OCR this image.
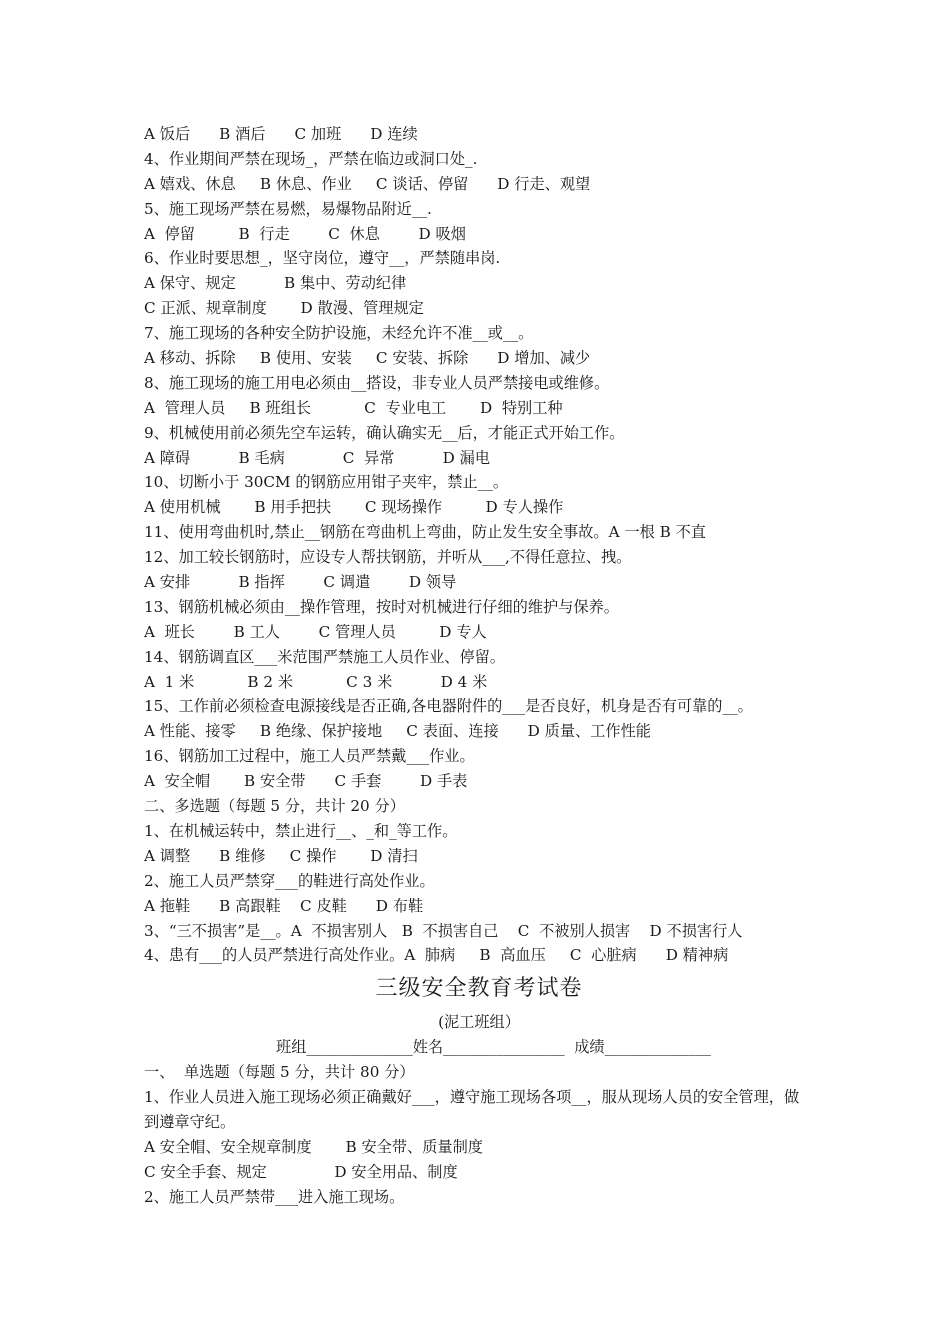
A 饭后      B 酒后      C 加班      D 连续
4、作业期间严禁在现场_，严禁在临边或洞口处_.
A 嬉戏、休息     B 休息、作业     C 谈话、停留      D 行走、观望
5、施工现场严禁在易燃，易爆物品附近__.
A  停留         B  行走        C  休息        D 吸烟
6、作业时要思想_，坚守岗位，遵守__，严禁随串岗.
A 保守、规定          B 集中、劳动纪律
C 正派、规章制度       D 散漫、管理规定
7、施工现场的各种安全防护设施，未经允许不准__或__。
A 移动、拆除     B 使用、安装     C 安装、拆除      D 增加、减少
8、施工现场的施工用电必须由__搭设，非专业人员严禁接电或维修。
A  管理人员     B 班组长           C  专业电工       D  特别工种
9、机械使用前必须先空车运转，确认确实无__后，才能正式开始工作。
A 障碍          B 毛病            C  异常          D 漏电
10、切断小于 30CM 的钢筋应用钳子夹牢，禁止__。
A 使用机械       B 用手把扶       C 现场操作         D 专人操作
11、使用弯曲机时,禁止__钢筋在弯曲机上弯曲，防止发生安全事故。A 一根 B 不直
12、加工较长钢筋时，应设专人帮扶钢筋，并听从___,不得任意拉、拽。
A 安排          B 指挥        C 调遣        D 领导
13、钢筋机械必须由__操作管理，按时对机械进行仔细的维护与保养。
A  班长        B 工人        C 管理人员         D 专人
14、钢筋调直区___米范围严禁施工人员作业、停留。
A  1 米           B 2 米           C 3 米          D 4 米
15、工作前必须检查电源接线是否正确,各电器附件的___是否良好，机身是否有可靠的__。
A 性能、接零     B 绝缘、保护接地     C 表面、连接      D 质量、工作性能
16、钢筋加工过程中，施工人员严禁戴___作业。
A  安全帽       B 安全带      C 手套        D 手表
二、多选题（每题 5 分，共计 20 分）
1、在机械运转中，禁止进行__、_和_等工作。
A 调整      B 维修     C 操作       D 清扫
2、施工人员严禁穿___的鞋进行高处作业。
A 拖鞋      B 高跟鞋    C 皮鞋      D 布鞋
3、“三不损害”是__。A  不损害别人   B  不损害自己    C  不被别人损害    D 不损害行人
4、患有___的人员严禁进行高处作业。A  肺病     B  高血压     C  心脏病      D 精神病
三级安全教育考试卷
(泥工班组）
班组______________姓名________________  成绩______________
一、  单选题（每题 5 分，共计 80 分）
1、作业人员进入施工现场必须正确戴好___，遵守施工现场各项__，服从现场人员的安全管理，做到遵章守纪。
A 安全帽、安全规章制度       B 安全带、质量制度
C 安全手套、规定              D 安全用品、制度
2、施工人员严禁带___进入施工现场。
